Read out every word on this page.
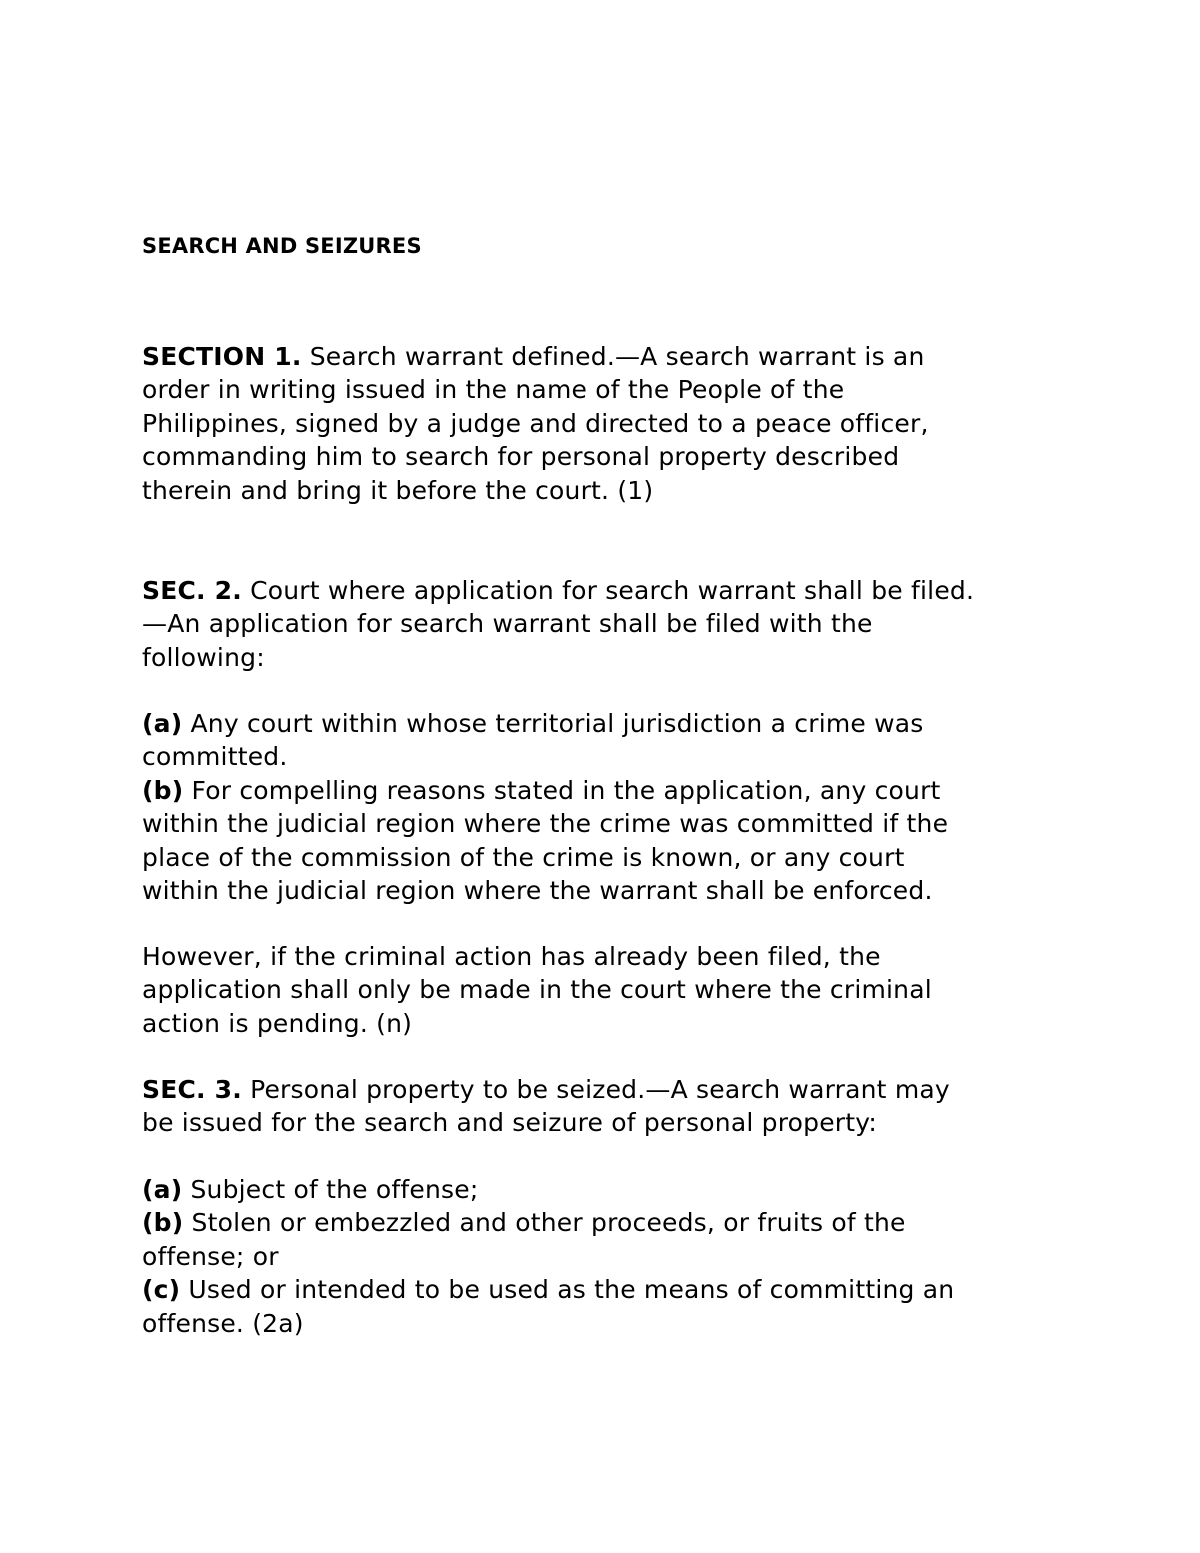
SEARCH AND SEIZURES
SECTION 1. Search warrant defined.—A search warrant is an
order in writing issued in the name of the People of the
Philippines, signed by a judge and directed to a peace officer,
commanding him to search for personal property described
therein and bring it before the court. (1)
SEC. 2. Court where application for search warrant shall be filed.
—An application for search warrant shall be filed with the
following:
(a) Any court within whose territorial jurisdiction a crime was
committed.
(b) For compelling reasons stated in the application, any court
within the judicial region where the crime was committed if the
place of the commission of the crime is known, or any court
within the judicial region where the warrant shall be enforced.
However, if the criminal action has already been filed, the
application shall only be made in the court where the criminal
action is pending. (n)
SEC. 3. Personal property to be seized.—A search warrant may
be issued for the search and seizure of personal property:
(a) Subject of the offense;
(b) Stolen or embezzled and other proceeds, or fruits of the
offense; or
(c) Used or intended to be used as the means of committing an
offense. (2a)
